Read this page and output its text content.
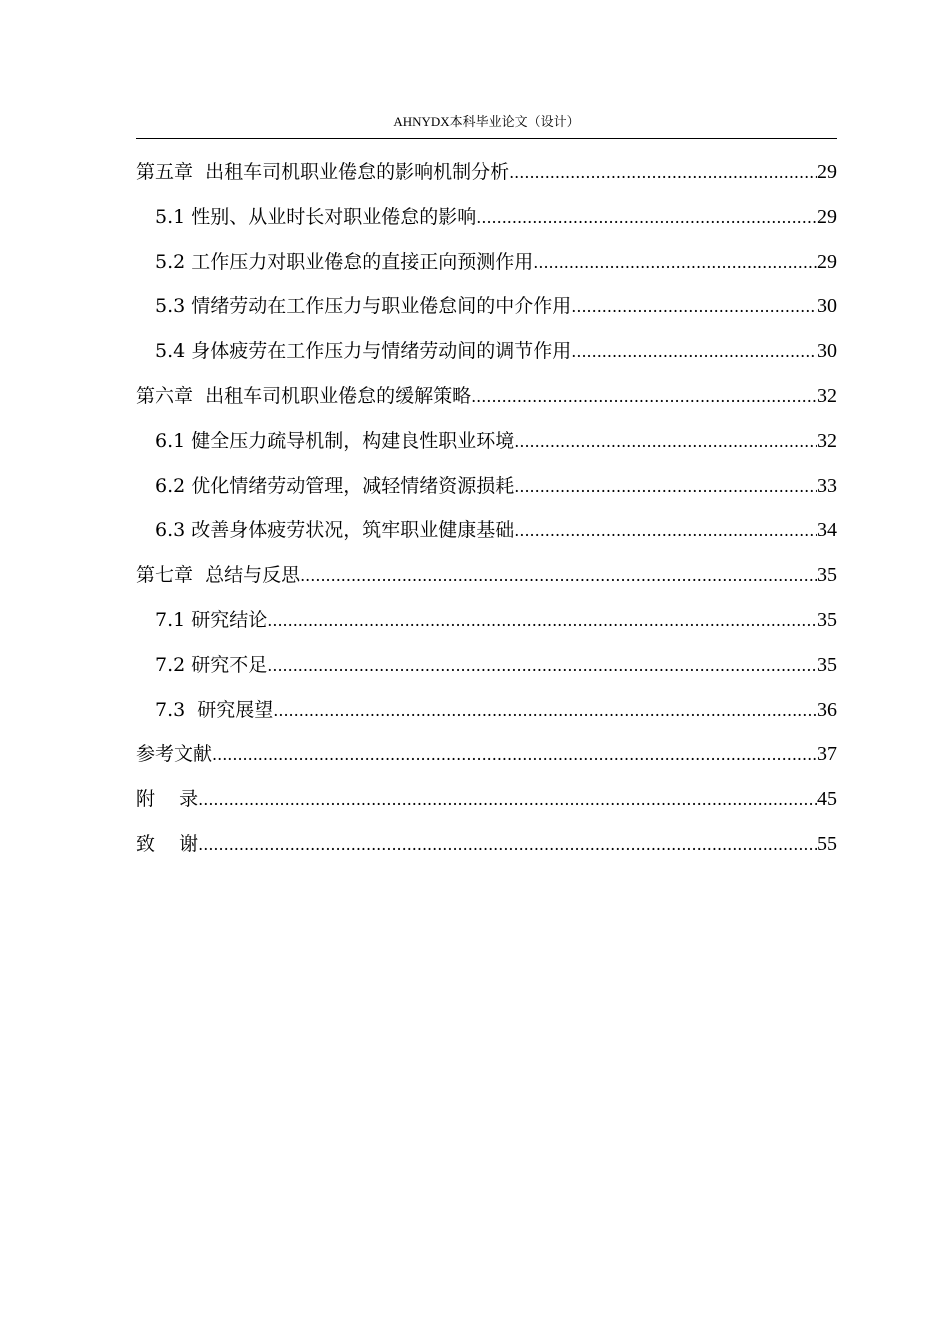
AHNYDX本科毕业论文（设计）
第五章  出租车司机职业倦怠的影响机制分析 .....	29
5.1 性别、从业时长对职业倦怠的影响 .....	29
5.2 工作压力对职业倦怠的直接正向预测作用 .....	29
5.3 情绪劳动在工作压力与职业倦怠间的中介作用 .....	30
5.4 身体疲劳在工作压力与情绪劳动间的调节作用 .....	30
第六章  出租车司机职业倦怠的缓解策略 .....	32
6.1 健全压力疏导机制，构建良性职业环境 .....	32
6.2 优化情绪劳动管理，减轻情绪资源损耗 .....	33
6.3 改善身体疲劳状况，筑牢职业健康基础 .....	34
第七章  总结与反思 .....	35
7.1 研究结论 .....	35
7.2 研究不足 .....	35
7.3  研究展望 .....	36
参考文献 .....	37
附    录 .....	45
致    谢 .....	55
